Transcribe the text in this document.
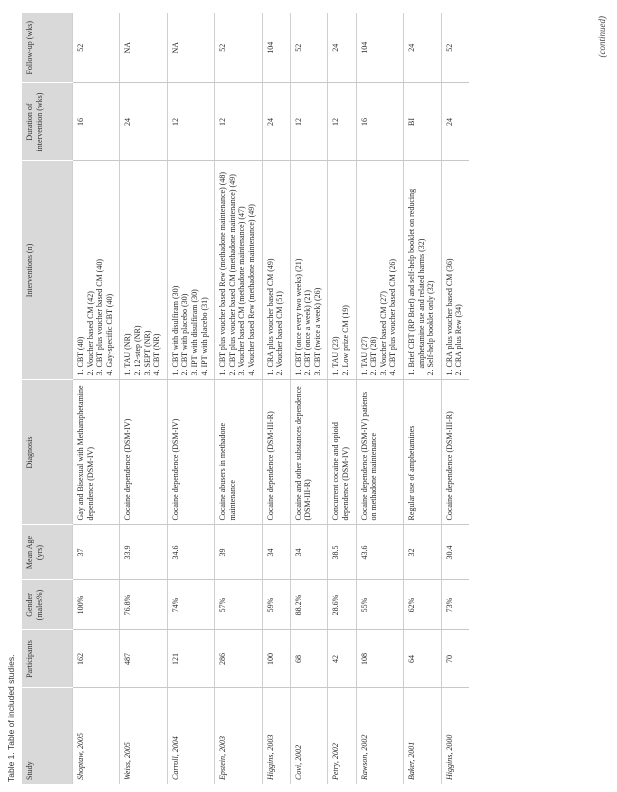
Table 1. Table of included studies. Study	Participants	Gender (males%)	Mean Age (yrs)	Diagnosis	Interventions (n)	Duration of intervention (wks)	Follow-up (wks)
Shoptaw, 2005	162	100%	37	Gay and Bisexual with Methamphetamine dependence (DSM-IV)	1. CBT (40) 2. Voucher based CM (42) 3. CBT plus voucher based CM (40) 4. Gay-specific CBT (40)	16	52
Weiss, 2005	487	76.8%	33.9	Cocaine dependence (DSM-IV)	1. TAU (NR) 2. 12-step (NR) 3. SEPT (NR) 4. CBT (NR)	24	NA
Carroll, 2004	121	74%	34.6	Cocaine dependence (DSM-IV)	1. CBT with disulfiram (30) 2. CBT with placebo (30) 3. IPT with disulfiram (30) 4. IPT with placebo (31)	12	NA
Epstein, 2003	286	57%	39	Cocaine abusers in methadone maintenance	1. CBT plus voucher based Rew (methadone maintenance) (48) 2. CBT plus voucher based CM (methadone maintenance) (49) 3. Voucher based CM (methadone maintenance) (47) 4. Voucher based Rew (methadone maintenance) (49)	12	52
Higgins, 2003	100	59%	34	Cocaine dependence (DSM-III-R)	1. CRA plus voucher based CM (49) 2. Voucher based CM (51)	24	104
Covi, 2002	68	88.2%	34	Cocaine and other substances dependence (DSM-III-R)	1. CBT (once every two weeks) (21) 2. CBT (once a week) (21) 3. CBT (twice a week) (26)	12	52
Petry, 2002	42	28.6%	38.5	Concurrent cocaine and opioid dependence (DSM-IV)	1. TAU (23) 2. Low prize CM (19)	12	24
Rawson, 2002	108	55%	43.6	Cocaine dependence (DSM-IV) patients on methadone maintenance	1. TAU (27) 2. CBT (28) 3. Voucher based CM (27) 4. CBT plus voucher based CM (26)	16	104
Baker, 2001	64	62%	32	Regular use of amphetamines	1. Brief CBT (RP Brief) and self-help booklet on reducing amphetamine use and related harms (32) 2. Self-help booklet only (32)	BI	24
Higgins, 2000	70	73%	30.4	Cocaine dependence (DSM-III-R)	1. CRA plus voucher based CM (36) 2. CRA plus Rew (34)	24	52	(continued)
